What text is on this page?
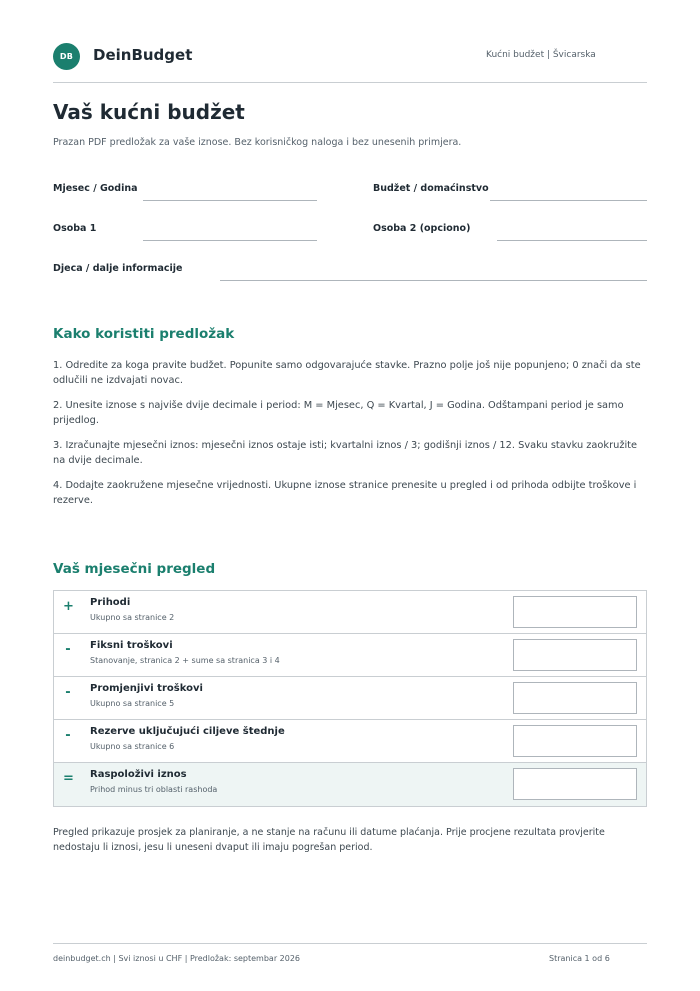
DB	DeinBudget	Kućni budžet | Švicarska
Vaš kućni budžet
Prazan PDF predložak za vaše iznose. Bez korisničkog naloga i bez unesenih primjera.
Mjesec / Godina	Budžet / domaćinstvo
Osoba 1	Osoba 2 (opciono)
Djeca / dalje informacije
Kako koristiti predložak
1. Odredite za koga pravite budžet. Popunite samo odgovarajuće stavke. Prazno polje još nije popunjeno; 0 znači da ste odlučili ne izdvajati novac.
2. Unesite iznose s najviše dvije decimale i period: M = Mjesec, Q = Kvartal, J = Godina. Odštampani period je samo prijedlog.
3. Izračunajte mjesečni iznos: mjesečni iznos ostaje isti; kvartalni iznos / 3; godišnji iznos / 12. Svaku stavku zaokružite na dvije decimale.
4. Dodajte zaokružene mjesečne vrijednosti. Ukupne iznose stranice prenesite u pregled i od prihoda odbijte troškove i rezerve.
Vaš mjesečni pregled
+ Prihodi
Ukupno sa stranice 2
- Fiksni troškovi
Stanovanje, stranica 2 + sume sa stranica 3 i 4
- Promjenjivi troškovi
Ukupno sa stranice 5
- Rezerve uključujući ciljeve štednje
Ukupno sa stranice 6
= Raspoloživi iznos
Prihod minus tri oblasti rashoda
Pregled prikazuje prosjek za planiranje, a ne stanje na računu ili datume plaćanja. Prije procjene rezultata provjerite nedostaju li iznosi, jesu li uneseni dvaput ili imaju pogrešan period.
deinbudget.ch | Svi iznosi u CHF | Predložak: septembar 2026	Stranica 1 od 6
